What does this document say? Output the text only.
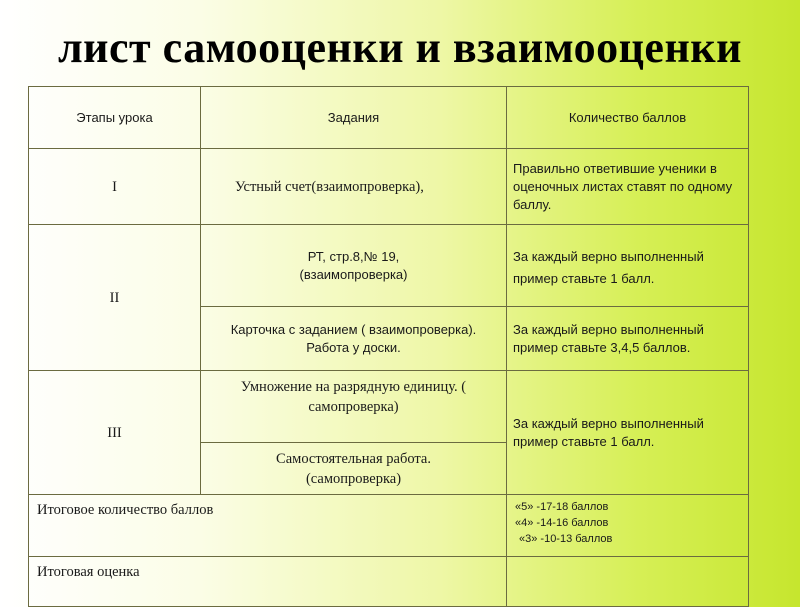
лист самооценки и взаимооценки
Этапы урока	Задания	Количество баллов
I	Устный счет(взаимопроверка),	Правильно ответившие ученики в оценочных листах ставят по одному баллу.
II	РТ, стр.8,№ 19, (взаимопроверка)	За каждый верно выполненный пример ставьте 1 балл.
	Карточка с заданием ( взаимопроверка). Работа у доски.	За каждый верно выполненный пример ставьте 3,4,5 баллов.
III	Умножение на разрядную единицу. ( самопроверка)	За каждый верно выполненный пример ставьте 1 балл.
	Самостоятельная работа. (самопроверка)	
Итоговое количество баллов		«5» -17-18 баллов
«4» -14-16 баллов
«3» -10-13 баллов

Итоговая оценка		
